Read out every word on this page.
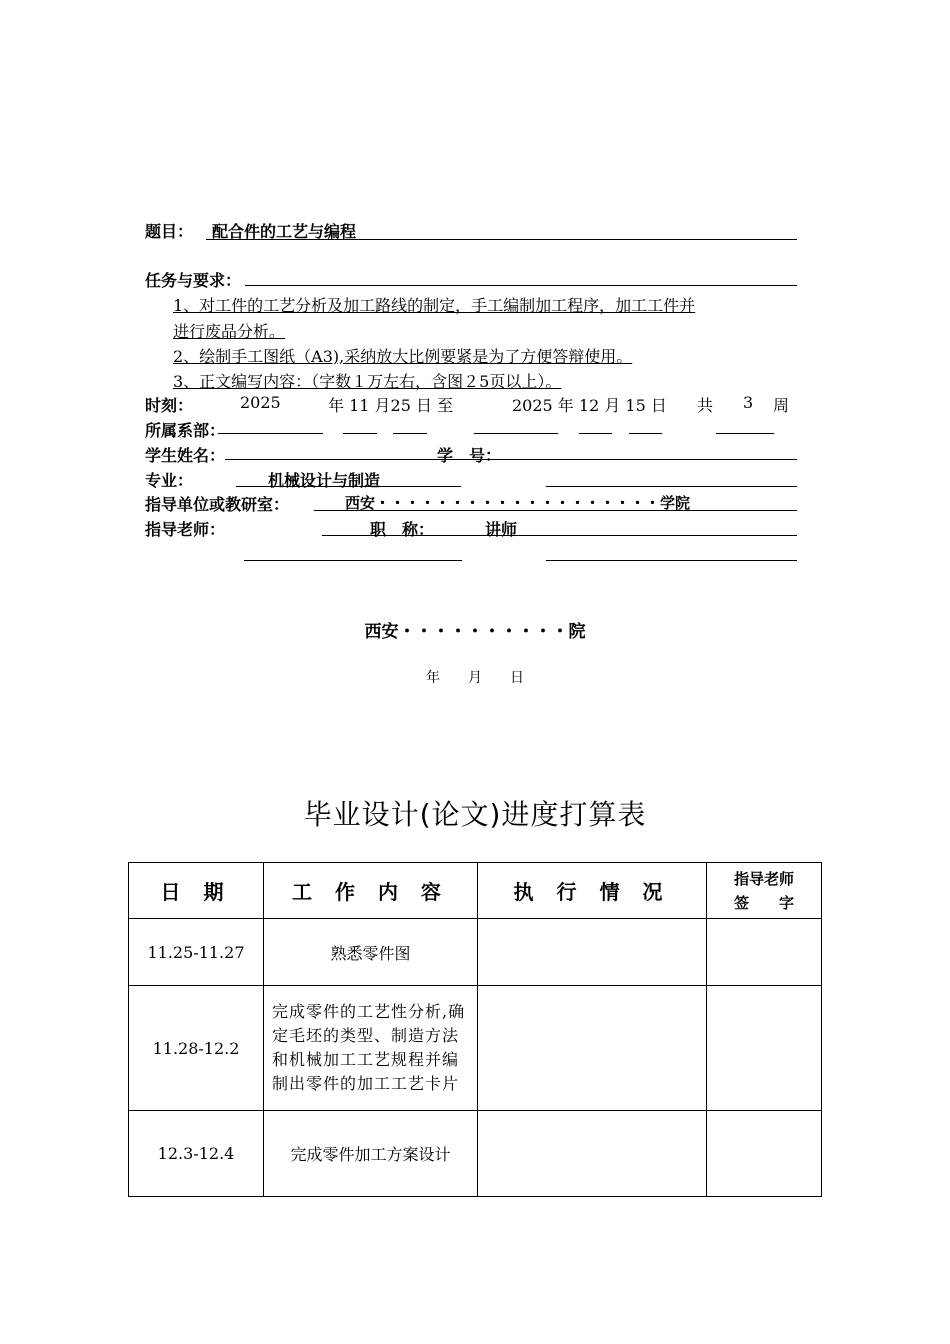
题目： 配合件的工艺与编程
任务与要求：
1、对工件的工艺分析及加工路线的制定，手工编制加工程序，加工工件并
进行废品分析。
2、绘制手工图纸（A3),采纳放大比例要紧是为了方便答辩使用。
3、正文编写内容：（字数１万左右，含图２5页以上）。
时刻：	2025	年 11 月25 日 至	2025 年 12 月 15 日 共 3 周
所属系部：
学生姓名：	学　号：
专业：	机械设计与制造
指导单位或教研室：	西安・・・・・・・・・・・・・・・・・・・学院
指导老师：	职　称：	讲师
西安・・・・・・・・・・院
年　　月　　日
毕业设计(论文)进度打算表
日 期	工 作 内 容	执 行 情 况	指导老师
签　　字

11.25-11.27	熟悉零件图		
11.28-12.2	完成零件的工艺性分析,确定毛坯的类型、制造方法和机械加工工艺规程并编制出零件的加工工艺卡片		
12.3-12.4	完成零件加工方案设计		
